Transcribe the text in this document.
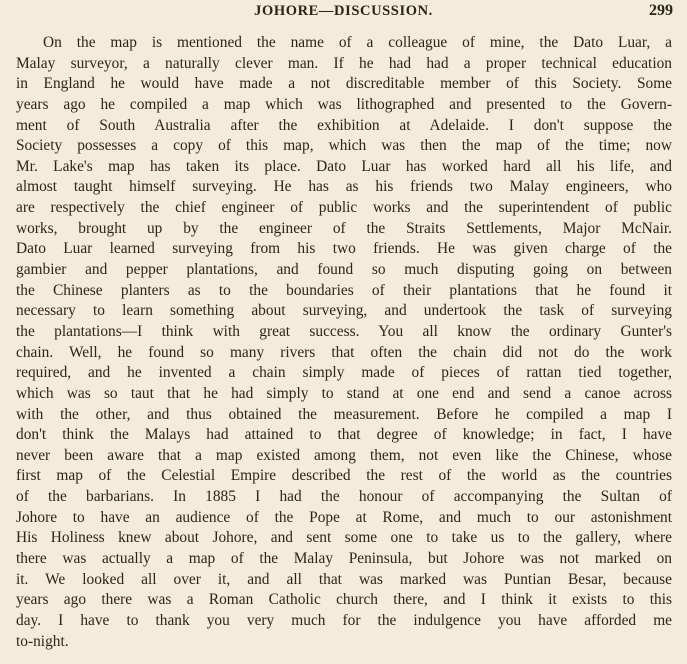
JOHORE—DISCUSSION.	299
On the map is mentioned the name of a colleague of mine, the Dato Luar, a
Malay surveyor, a naturally clever man. If he had had a proper technical education
in England he would have made a not discreditable member of this Society. Some
years ago he compiled a map which was lithographed and presented to the Govern-
ment of South Australia after the exhibition at Adelaide. I don't suppose the
Society possesses a copy of this map, which was then the map of the time; now
Mr. Lake's map has taken its place. Dato Luar has worked hard all his life, and
almost taught himself surveying. He has as his friends two Malay engineers, who
are respectively the chief engineer of public works and the superintendent of public
works, brought up by the engineer of the Straits Settlements, Major McNair.
Dato Luar learned surveying from his two friends. He was given charge of the
gambier and pepper plantations, and found so much disputing going on between
the Chinese planters as to the boundaries of their plantations that he found it
necessary to learn something about surveying, and undertook the task of surveying
the plantations—I think with great success. You all know the ordinary Gunter's
chain. Well, he found so many rivers that often the chain did not do the work
required, and he invented a chain simply made of pieces of rattan tied together,
which was so taut that he had simply to stand at one end and send a canoe across
with the other, and thus obtained the measurement. Before he compiled a map I
don't think the Malays had attained to that degree of knowledge; in fact, I have
never been aware that a map existed among them, not even like the Chinese, whose
first map of the Celestial Empire described the rest of the world as the countries
of the barbarians. In 1885 I had the honour of accompanying the Sultan of
Johore to have an audience of the Pope at Rome, and much to our astonishment
His Holiness knew about Johore, and sent some one to take us to the gallery, where
there was actually a map of the Malay Peninsula, but Johore was not marked on
it. We looked all over it, and all that was marked was Puntian Besar, because
years ago there was a Roman Catholic church there, and I think it exists to this
day. I have to thank you very much for the indulgence you have afforded me
to-night.
